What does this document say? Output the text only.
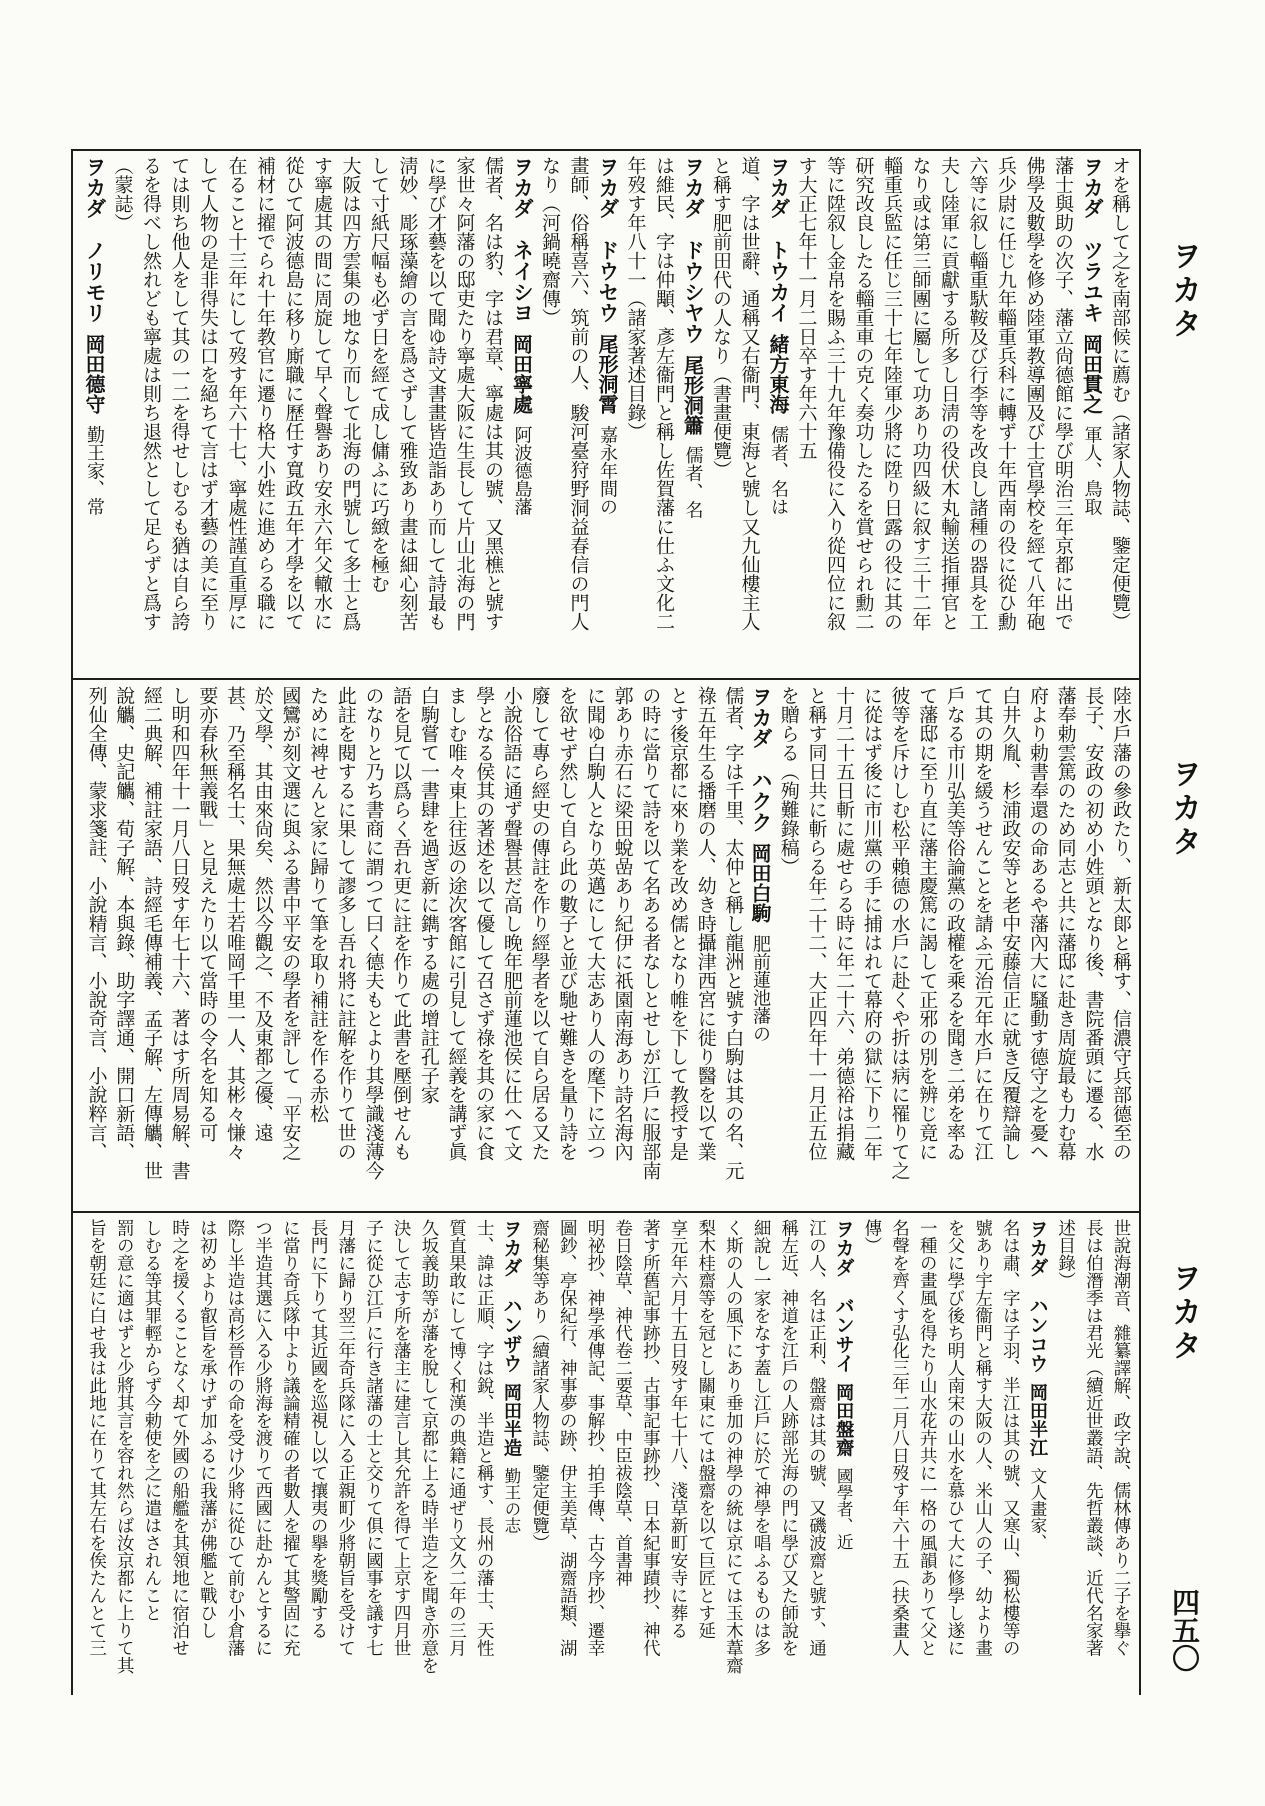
オを稱して之を南部候に薦む（諸家人物誌、鑒定便覽）
ヲカダ　ツラユキ岡田貫之軍人、鳥取
藩士與助の次子、藩立尙德館に學び明治三年京都に出で
佛學及數學を修め陸軍教導團及び士官學校を經て八年砲
兵少尉に任じ九年輜重兵科に轉ず十年西南の役に從ひ勳
六等に叙し輜重馱鞍及び行李等を改良し諸種の器具を工
夫し陸軍に貢獻する所多し日淸の役伏木丸輸送指揮官と
なり或は第三師團に屬して功あり功四級に叙す三十二年
輜重兵監に任じ三十七年陸軍少將に陞り日露の役に其の
研究改良したる輜重車の克く奏功したるを賞せられ勳二
等に陞叙し金帛を賜ふ三十九年豫備役に入り從四位に叙
す大正七年十一月二日卒す年六十五
ヲカダ　トウカイ緒方東海儒者、名は
道、字は世辭、通稱又右衞門、東海と號し又九仙樓主人
と稱す肥前田代の人なり（書畫便覽）
ヲカダ　ドウシヤウ尾形洞簫儒者、名
は維民、字は仲顒、彥左衞門と稱し佐賀藩に仕ふ文化二
年歿す年八十一（諸家著述目錄）
ヲカダ　ドウセウ尾形洞霄嘉永年間の
畫師、俗稱喜六、筑前の人、駿河臺狩野洞益春信の門人
なり（河鍋曉齋傳）
ヲカダ　ネイシヨ岡田寧處阿波德島藩
儒者、名は豹、字は君章、寧處は其の號、又黑樵と號す
家世々阿藩の邸吏たり寧處大阪に生長して片山北海の門
に學び才藝を以て聞ゆ詩文書畫皆造詣あり而して詩最も
淸妙、彫琢藻繪の言を爲さずして雅致あり畫は細心刻苦
して寸紙尺幅も必ず日を經て成し傭ふに巧緻を極む
大阪は四方雲集の地なり而して北海の門號して多士と爲
す寧處其の間に周旋して早く聲譽あり安永六年父轍水に
從ひて阿波德島に移り廝職に歷任す寬政五年才學を以て
補材に擢でられ十年教官に遷り格大小姓に進めらる職に
在ること十三年にして歿す年六十七、寧處性謹直重厚に
して人物の是非得失は口を絕ちて言はず才藝の美に至り
ては則ち他人をして其の一二を得せしむるも猶は自ら誇
るを得べし然れども寧處は則ち退然として足らずと爲す
（蒙誌）
ヲカダ　ノリモリ岡田德守勤王家、常
陸水戶藩の參政たり、新太郞と稱す、信濃守兵部德至の
長子、安政の初め小姓頭となり後、書院番頭に遷る、水
藩奉勅雲篤のため同志と共に藩邸に赴き周旋最も力む幕
府より勅書奉還の命あるや藩內大に騷動す德守之を憂へ
白井久胤、杉浦政安等と老中安藤信正に就き反覆辯論し
て其の期を緩うせんことを請ふ元治元年水戶に在りて江
戶なる市川弘美等俗論黨の政權を乘るを聞き二弟を率ゐ
て藩邸に至り直に藩主慶篤に謁して正邪の別を辨じ竟に
彼等を斥けしむ松平賴德の水戶に赴くや折は病に罹りて之
に從はず後に市川黨の手に捕はれて幕府の獄に下り二年
十月二十五日斬に處せらる時に年二十六、弟德裕は捐藏
と稱す同日共に斬らる年二十二、大正四年十一月正五位
を贈らる（殉難錄稿）
ヲカダ　ハクク岡田白駒肥前蓮池藩の
儒者、字は千里、太仲と稱し龍洲と號す白駒は其の名、元
祿五年生る播磨の人、幼き時攝津西宮に徙り醫を以て業
とす後京都に來り業を改め儒となり帷を下して教授す是
の時に當りて詩を以て名ある者なしとせしが江戶に服部南
郭あり赤石に梁田蛻嵒あり紀伊に祇園南海あり詩名海內
に聞ゆ白駒人となり英邁にして大志あり人の麾下に立つ
を欲せず然して自ら此の數子と並び馳せ難きを量り詩を
廢して專ら經史の傳註を作り經學者を以て自ら居る又た
小說俗語に通ず聲譽甚だ高し晚年肥前蓮池侯に仕へて文
學となる侯其の著述を以て優して召さず祿を其の家に食
ましむ唯々東上往返の途次客館に引見して經義を講ず眞
白駒嘗て一書肆を過ぎ新に鐫する處の增註孔子家
語を見て以爲らく吾れ更に註を作りて此書を壓倒せんも
のなりと乃ち書商に謂つて曰く德夫もとより其學識淺薄今
此註を閱するに果して謬多し吾れ將に註解を作りて世の
ために裨せんと家に歸りて筆を取り補註を作る赤松
國鸞が刻文選に與ふる書中平安の學者を評して「平安之
於文學、其由來尙矣、然以今觀之、不及東都之優、遠
甚、乃至稱名士、果無處士若唯岡千里一人、其彬々慊々
要亦春秋無義戰」と見えたり以て當時の令名を知る可
し明和四年十一月八日歿す年七十六、著はす所周易解、書
經二典解、補註家語、詩經毛傳補義、孟子解、左傳觿、世
說觿、史記觿、荀子解、本與錄、助字譯通、開口新語、
列仙全傳、蒙求箋註、小說精言、小說奇言、小說粹言、
世說海潮音、雜纂譯解、政字說、儒林傳あり二子を擧ぐ
長は伯潛季は君光（續近世叢語、先哲叢談、近代名家著
述目錄）
ヲカダ　ハンコウ岡田半江文人畫家、
名は肅、字は子羽、半江は其の號、又寒山、獨松樓等の
號あり宇左衞門と稱す大阪の人、米山人の子、幼より畫
を父に學び後ち明人南宋の山水を慕ひて大に修學し遂に
一種の畫風を得たり山水花卉共に一格の風韻ありて父と
名聲を齊くす弘化三年二月八日歿す年六十五（扶桑畫人
傳）
ヲカダ　バンサイ岡田盤齋國學者、近
江の人、名は正利、盤齋は其の號、又磯波齋と號す、通
稱左近、神道を江戶の人跡部光海の門に學び又た師說を
細說し一家をなす蓋し江戶に於て神學を唱ふるものは多
く斯の人の風下にあり垂加の神學の統は京にては玉木葦齋
梨木桂齋等を冠とし關東にては盤齋を以て巨匠とす延
享元年六月十五日歿す年七十八、淺草新町安寺に葬る
著す所舊記事跡抄、古事記事跡抄、日本紀事蹟抄、神代
卷日陰草、神代卷二要草、中臣祓陰草、首書神
明祕抄、神學承傳記、事解抄、拍手傳、古今序抄、遷幸
圖鈔、亭保紀行、神事夢の跡、伊主美草、湖齋語類、湖
齋秘集等あり（續諸家人物誌、鑒定便覽）
ヲカダ　ハンザウ岡田半造勤王の志
士、諱は正順、字は銳、半造と稱す、長州の藩士、天性
質直果敢にして博く和漢の典籍に通ぜり文久二年の三月
久坂義助等が藩を脫して京都に上る時半造之を聞き亦意を
決して志す所を藩主に建言し其允許を得て上京す四月世
子に從ひ江戶に行き諸藩の士と交りて俱に國事を議す七
月藩に歸り翌三年奇兵隊に入る正親町少將朝旨を受けて
長門に下りて其近國を巡視し以て攘夷の擧を獎勵する
に當り奇兵隊中より議論精確の者數人を擢て其警固に充
つ半造其選に入る少將海を渡りて西國に赴かんとするに
際し半造は高杉晉作の命を受け少將に從ひて前む小倉藩
は初めより叡旨を承けず加ふるに我藩が佛艦と戰ひし
時之を援くることなく却て外國の船艦を其領地に宿泊せ
しむる等其罪輕からず今勅使を之に遣はされんこと
罰の意に適はずと少將其言を容れ然らば汝京都に上りて其
旨を朝廷に白せ我は此地に在りて其左右を俟たんとて三
ヲカタ
ヲカタ
ヲカタ
四五〇
